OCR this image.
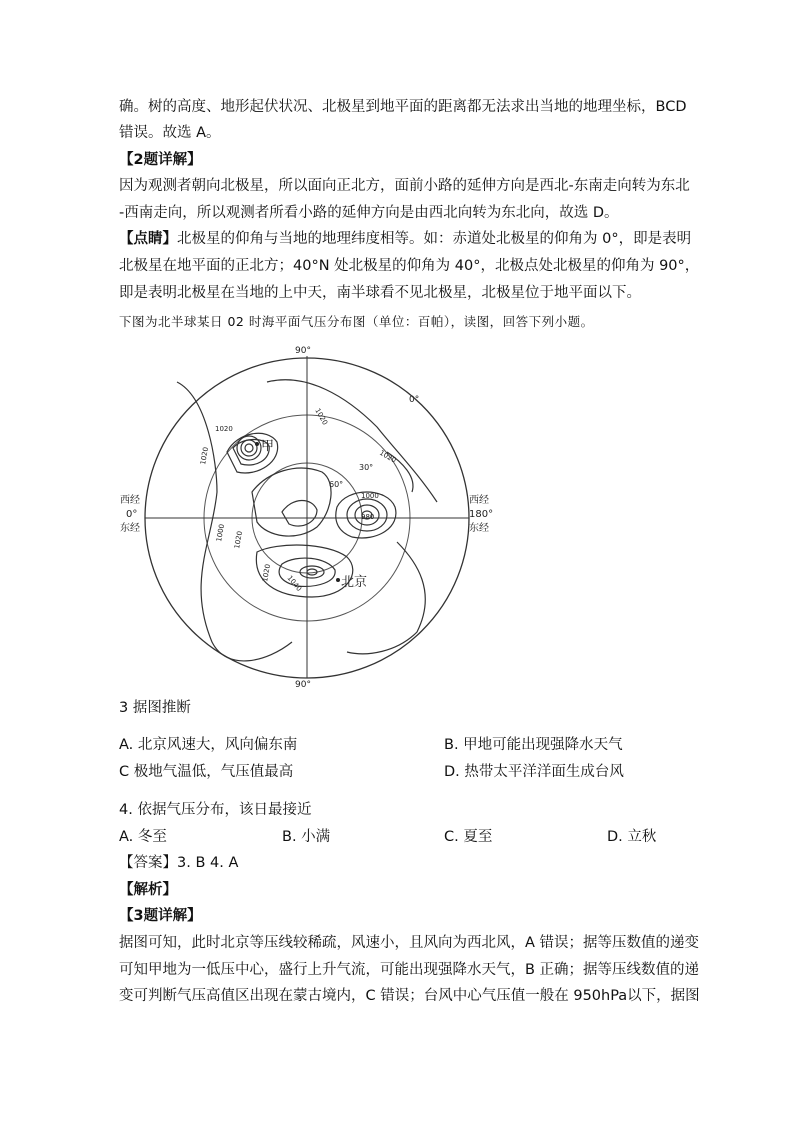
确。树的高度、地形起伏状况、北极星到地平面的距离都无法求出当地的地理坐标，BCD
错误。故选 A。
【2题详解】
因为观测者朝向北极星，所以面向正北方，面前小路的延伸方向是西北-东南走向转为东北
-西南走向，所以观测者所看小路的延伸方向是由西北向转为东北向，故选 D。
【点睛】北极星的仰角与当地的地理纬度相等。如：赤道处北极星的仰角为 0°，即是表明
北极星在地平面的正北方；40°N 处北极星的仰角为 40°，北极点处北极星的仰角为 90°，
即是表明北极星在当地的上中天，南半球看不见北极星，北极星位于地平面以下。
下图为北半球某日 02 时海平面气压分布图（单位：百帕），读图，回答下列小题。
90°
90°
0°
西经
0°
东经
西经
180°
东经
30°
60°
1020
1020
1020
1020
1000
980
1000 1020
1020
1040
甲
北京
3 据图推断
A. 北京风速大，风向偏东南	B. 甲地可能出现强降水天气
C 极地气温低，气压值最高	D. 热带太平洋洋面生成台风
4. 依据气压分布，该日最接近
A. 冬至	B. 小满	C. 夏至	D. 立秋
【答案】3. B 4. A
【解析】
【3题详解】
据图可知，此时北京等压线较稀疏，风速小，且风向为西北风，A 错误；据等压数值的递变
可知甲地为一低压中心，盛行上升气流，可能出现强降水天气，B 正确；据等压线数值的递
变可判断气压高值区出现在蒙古境内，C 错误；台风中心气压值一般在 950hPa以下，据图
